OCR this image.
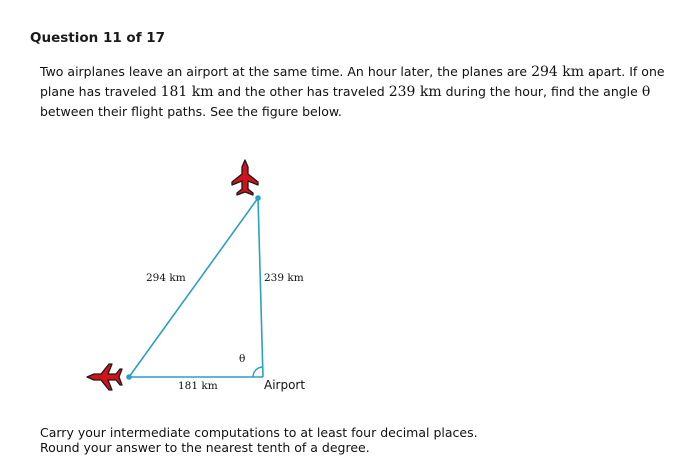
Question 11 of 17
Two airplanes leave an airport at the same time. An hour later, the planes are 294 km apart. If one plane has traveled 181 km and the other has traveled 239 km during the hour, find the angle θ between their flight paths. See the figure below.
294 km	239 km
181 km
θ
Airport
Carry your intermediate computations to at least four decimal places.
Round your answer to the nearest tenth of a degree.
